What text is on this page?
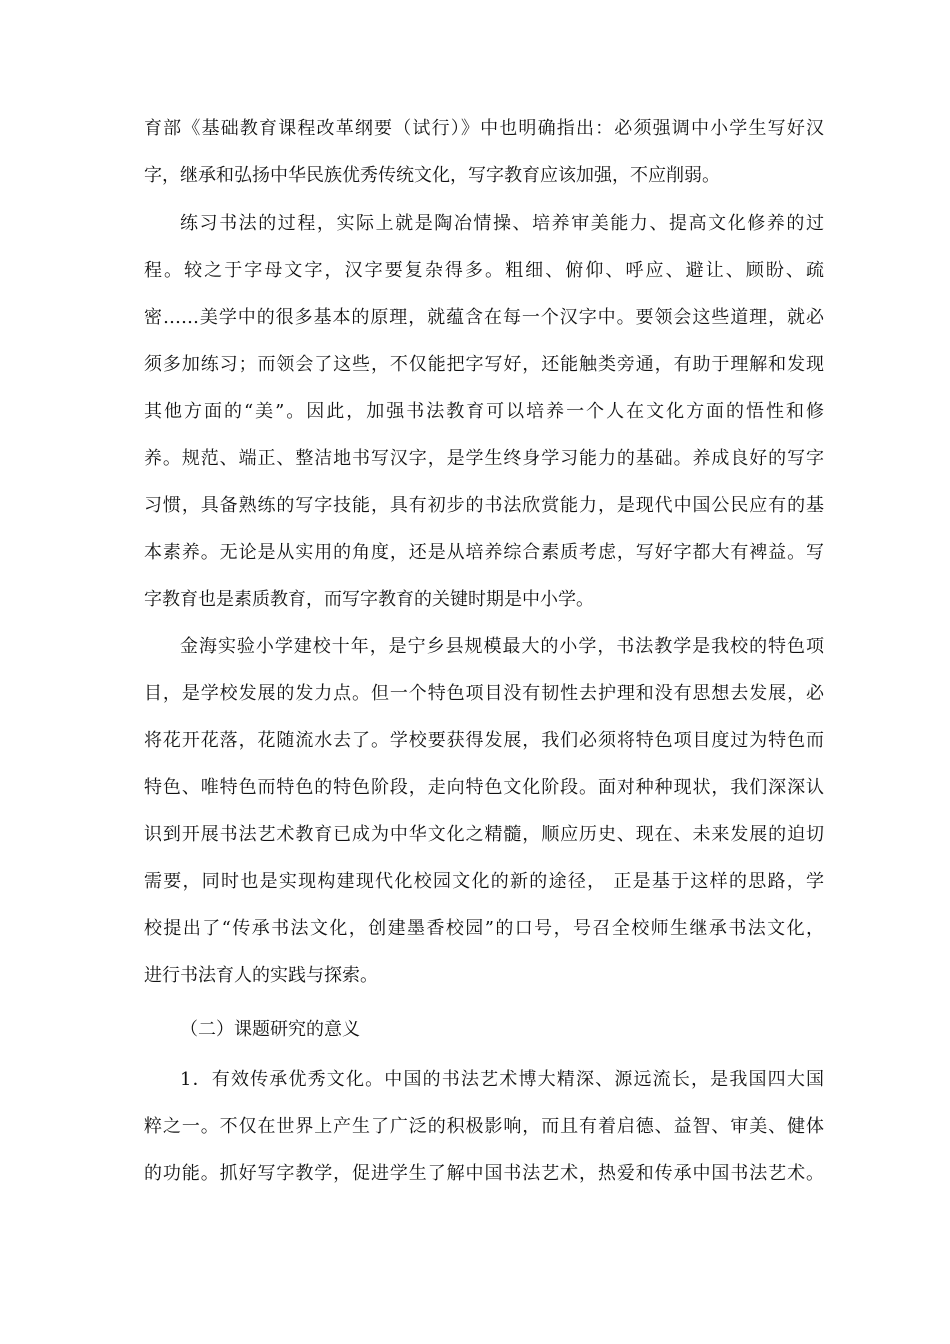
育部《基础教育课程改革纲要（试行）》中也明确指出：必须强调中小学生写好汉
字，继承和弘扬中华民族优秀传统文化，写字教育应该加强，不应削弱。
练习书法的过程，实际上就是陶冶情操、培养审美能力、提高文化修养的过
程。较之于字母文字，汉字要复杂得多。粗细、俯仰、呼应、避让、顾盼、疏
密……美学中的很多基本的原理，就蕴含在每一个汉字中。要领会这些道理，就必
须多加练习；而领会了这些，不仅能把字写好，还能触类旁通，有助于理解和发现
其他方面的“美”。因此，加强书法教育可以培养一个人在文化方面的悟性和修
养。规范、端正、整洁地书写汉字，是学生终身学习能力的基础。养成良好的写字
习惯，具备熟练的写字技能，具有初步的书法欣赏能力，是现代中国公民应有的基
本素养。无论是从实用的角度，还是从培养综合素质考虑，写好字都大有裨益。写
字教育也是素质教育，而写字教育的关键时期是中小学。
金海实验小学建校十年，是宁乡县规模最大的小学，书法教学是我校的特色项
目，是学校发展的发力点。但一个特色项目没有韧性去护理和没有思想去发展，必
将花开花落，花随流水去了。学校要获得发展，我们必须将特色项目度过为特色而
特色、唯特色而特色的特色阶段，走向特色文化阶段。面对种种现状，我们深深认
识到开展书法艺术教育已成为中华文化之精髓，顺应历史、现在、未来发展的迫切
需要，同时也是实现构建现代化校园文化的新的途径， 正是基于这样的思路，学
校提出了“传承书法文化，创建墨香校园”的口号，号召全校师生继承书法文化，
进行书法育人的实践与探索。
（二）课题研究的意义
1．有效传承优秀文化。中国的书法艺术博大精深、源远流长，是我国四大国
粹之一。不仅在世界上产生了广泛的积极影响，而且有着启德、益智、审美、健体
的功能。抓好写字教学，促进学生了解中国书法艺术，热爱和传承中国书法艺术。
